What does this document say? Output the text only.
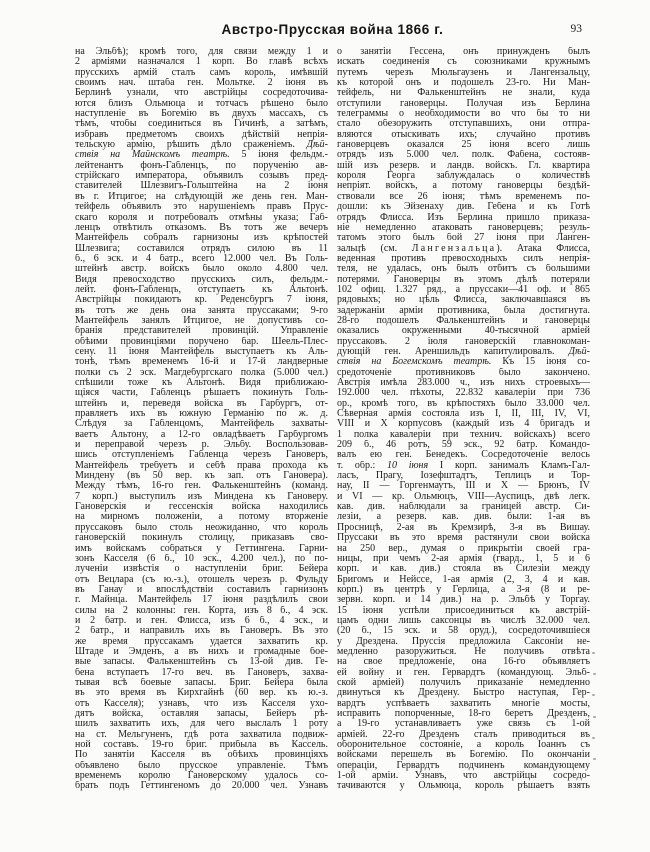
Австро-Прусская война 1866 г.	93
на Эльбѣ); кромѣ того, для связи между 1 и
2 арміями назначался 1 корп. Во главѣ всѣхъ
прусскихъ армій сталъ самъ король, имѣвшій
своимъ нач. штаба ген. Мольтке. 2 іюня въ
Берлинѣ узнали, что австрійцы сосредоточива-
ются близъ Ольмюца и тотчасъ рѣшено было
наступленіе въ Богемію въ двухъ массахъ, съ
тѣмъ, чтобы соединиться въ Гичинѣ, а затѣмъ,
избравъ предметомъ своихъ дѣйствій непрія-
тельскую армію, рѣшить дѣло сраженіемъ. Дѣй-
ствія на Майнскомъ театрѣ. 5 іюня фельдм.-
лейтенантъ фонъ-Габленцъ, по порученію ав-
стрійскаго императора, объявилъ созывъ пред-
ставителей Шлезвигъ-Гольштейна на 2 іюня
въ г. Итцигое; на слѣдующій же день ген. Ман-
тейфель объявилъ это нарушеніемъ правъ Прус-
скаго короля и потребовалъ отмѣны указа; Габ-
ленцъ отвѣтилъ отказомъ. Въ тотъ же вечеръ
Мантейфель собралъ гарнизоны изъ крѣпостей
Шлезвига; составился отрядъ силою въ 11
б., 6 эск. и 4 батр., всего 12.000 чел. Въ Голь-
штейнѣ австр. войскъ было около 4.800 чел.
Видя превосходство прусскихъ силъ, фельдм.-
лейт. фонъ-Габленцъ, отступаетъ къ Альтонѣ.
Австрійцы покидаютъ кр. Реденсбургъ 7 іюня,
въ тотъ же день она занята пруссаками; 9-го
Мантейфель занялъ Итцигое, не допустивъ со-
бранія представителей провинцій. Управленіе
обѣими провинціями поручено бар. Шеель-Плес-
сену. 11 іюня Мантейфель выступаетъ къ Аль-
тонѣ, тѣмъ временемъ 16-й и 17-й ландверные
полки съ 2 эск. Магдебургскаго полка (5.000 чел.)
спѣшили тоже къ Альтонѣ. Видя приближаю-
щіяся части, Габленцъ рѣшаетъ покинуть Голь-
штейнъ и, переведя войска въ Гарбургъ, от-
правляетъ ихъ въ южную Германію по ж. д.
Слѣдуя за Габленцомъ, Мантейфель захваты-
ваетъ Альтону, а 12-го овладѣваетъ Гарбургомъ
и переправой черезъ р. Эльбу. Воспользовав-
шись отступленіемъ Габленца черезъ Гановеръ,
Мантейфель требуетъ и себѣ права прохода къ
Миндену (въ 50 вер. къ зап. отъ Гановера).
Между тѣмъ, 16-го ген. Фалькенштейнъ (команд.
7 корп.) выступилъ изъ Миндена къ Гановеру.
Гановерскія и гессенскія войска находились
на мирномъ положеніи, а потому вторженіе
пруссаковъ было столь неожиданно, что король
гановерскій покинулъ столицу, приказавъ сво-
имъ войскамъ собраться у Геттингена. Гарни-
зонъ Касселя (6 б., 10 эск., 4.200 чел.), по по-
лученіи извѣстія о наступленіи бриг. Бейера
отъ Вецлара (съ ю.-з.), отошелъ черезъ р. Фульду
въ Ганау и впослѣдствіи составилъ гарнизонъ
г. Майнца. Мантейфель 17 іюня раздѣлилъ свои
силы на 2 колонны: ген. Корта, изъ 8 б., 4 эск.
и 2 батр. и ген. Флисса, изъ 6 б., 4 эск., и
2 батр., и направилъ ихъ въ Гановеръ. Въ это
же время пруссакамъ удается захватить кр.
Штаде и Эмденъ, а въ нихъ и громадные бое-
вые запасы. Фалькенштейнъ съ 13-ой див. Ге-
бена вступаетъ 17-го веч. въ Гановеръ, захва-
тывая всѣ боевые запасы. Бриг. Бейера была
въ это время въ Кирхгайнѣ (60 вер. къ ю.-з.
отъ Касселя); узнавъ, что изъ Касселя ухо-
дятъ войска, оставляя запасы, Бейеръ рѣ-
шилъ захватить ихъ, для чего выслалъ 1 роту
на ст. Мельгуненъ, гдѣ рота захватила подвиж-
ной составъ. 19-го бриг. прибыла въ Кассель.
По занятіи Касселя въ обѣихъ провинціяхъ
объявлено было прусское управленіе. Тѣмъ
временемъ королю Гановерскому удалось со-
брать подъ Геттингеномъ до 20.000 чел. Узнавъ
о занятіи Гессена, онъ принужденъ былъ
искать соединенія съ союзниками кружнымъ
путемъ черезъ Мюльгаузенъ и Лангензальцу,
къ которой онъ и подошелъ 23-го. Ни Ман-
тейфель, ни Фалькенштейнъ не знали, куда
отступили гановерцы. Получая изъ Берлина
телеграммы о необходимости во что бы то ни
стало обезоружить отступавшихъ, они отпра-
вляются отыскивать ихъ; случайно противъ
гановерцевъ оказался 25 іюня всего лишь
отрядъ изъ 5.000 чел. полк. Фабена, состояв-
шій изъ резерв. и ландв. войскъ. Гл. квартира
короля Георга заблуждалась о количествѣ
непріят. войскъ, а потому гановерцы бездѣй-
ствовали все 26 іюня; тѣмъ временемъ по-
дошли: къ Эйзенаху див. Гебена и къ Готѣ
отрядъ Флисса. Изъ Берлина пришло приказа-
ніе немедленно атаковать гановерцевъ; резуль-
татомъ этого былъ бой 27 іюня при Ланген-
зальцѣ (см. Лангензальца). Атака Флисса,
веденная противъ превосходныхъ силъ непрія-
теля, не удалась, онъ былъ отбитъ съ большими
потерями. Гановерцы въ этомъ дѣлѣ потеряли
102 офиц. 1.327 ряд., а пруссаки—41 оф. и 865
рядовыхъ; но цѣль Флисса, заключавшаяся въ
задержаніи арміи противника, была достигнута.
28-го подошелъ Фалькенштейнъ и гановерцы
оказались окруженными 40-тысячной арміей
пруссаковъ. 2 іюля гановерскій главнокоман-
дующій ген. Ареншильдъ капитулировалъ. Дѣй-
ствія на Богемскомъ театрѣ. Къ 15 іюня со-
средоточеніе противниковъ было закончено.
Австрія имѣла 283.000 ч., изъ нихъ строевыхъ—
192.000 чел. пѣхоты, 22.832 кавалеріи при 736
ор., кромѣ того, въ крѣпостяхъ было 33.000 чел.
Сѣверная армія состояла изъ I, II, III, IV, VI,
VIII и X корпусовъ (каждый изъ 4 бригадъ и
1 полка кавалеріи при технич. войскахъ) всего
209 б., 46 ротъ, 59 эск., 92 батр. Командо-
валъ ею ген. Бенедекъ. Сосредоточеніе велось
т. обр.: 10 іюня I корп. занималъ Кламъ-Гал-
ласъ, Прагу, Іозефштадтъ, Теплицъ и Тор-
нау, II — Горгенмаутъ, III и X — Брюнъ, IV
и VI — кр. Ольмюцъ, VIII—Ауспицъ, двѣ легк.
кав. див. наблюдали за границей австр. Си-
лезіи, а резерв. кав. див. были: 1-ая въ
Просницѣ, 2-ая въ Кремзирѣ, 3-я въ Вишау.
Пруссаки въ это время растянули свои войска
на 250 вер., думая о прикрытіи своей гра-
ницы, при чемъ 2-ая армія (гвард., 1, 5 и 6
корп. и кав. див.) стояла въ Силезіи между
Бригомъ и Нейссе, 1-ая армія (2, 3, 4 и кав.
корп.) въ центрѣ у Герлица, а 3-я (8 и ре-
зервн. корп. и 14 див.) на р. Эльбѣ у Торгау.
15 іюня успѣли присоединиться къ австрій-
цамъ одни лишь саксонцы въ числѣ 32.000 чел.
(20 б., 15 эск. и 58 оруд.), сосредоточившіеся
у Дрездена. Пруссія предложила Саксоніи не-
медленно разоружиться. Не получивъ отвѣта
на свое предложеніе, она 16-го объявляетъ
ей войну и ген. Гервардтъ (командующ. Эльб-
ской арміей) получилъ приказаніе немедленно
двинуться къ Дрездену. Быстро наступая, Гер-
вардтъ успѣваетъ захватить многіе мосты,
исправить попорченные, 18-го беретъ Дрезденъ,
а 19-го устанавливаетъ уже связь съ 1-ой
арміей. 22-го Дрезденъ сталъ приводиться въ
оборонительное состояніе, а король Іоаннъ съ
войсками перешелъ въ Богемію. По окончаніи
операціи, Гервардтъ подчиненъ командующему
1-ой арміи. Узнавъ, что австрійцы сосредо-
тачиваются у Ольмюца, король рѣшаетъ взять
